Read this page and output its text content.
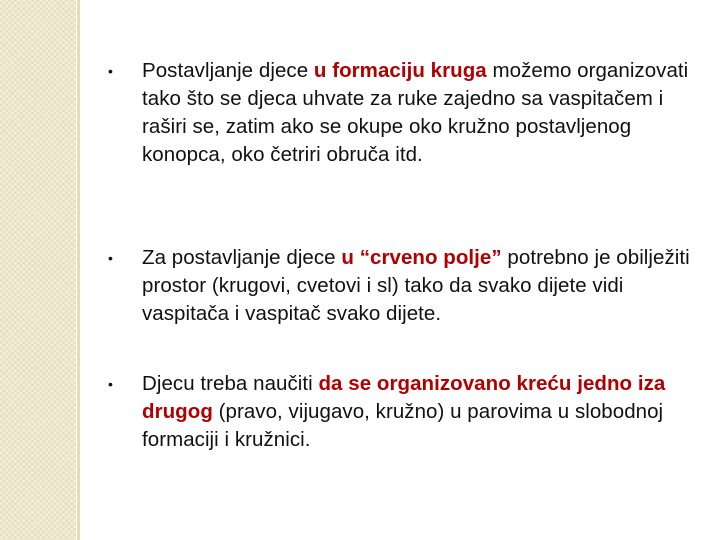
• Postavljanje djece u formaciju kruga možemo organizovati tako što se djeca uhvate za ruke zajedno sa vaspitačem i raširi se, zatim ako se okupe oko kružno postavljenog konopca, oko četriri obruča itd.
• Za postavljanje djece u “crveno polje” potrebno je obilježiti prostor (krugovi, cvetovi i sl) tako da svako dijete vidi vaspitača i vaspitač svako dijete.
• Djecu treba naučiti da se organizovano kreću jedno iza drugog (pravo, vijugavo, kružno) u parovima u slobodnoj formaciji i kružnici.
